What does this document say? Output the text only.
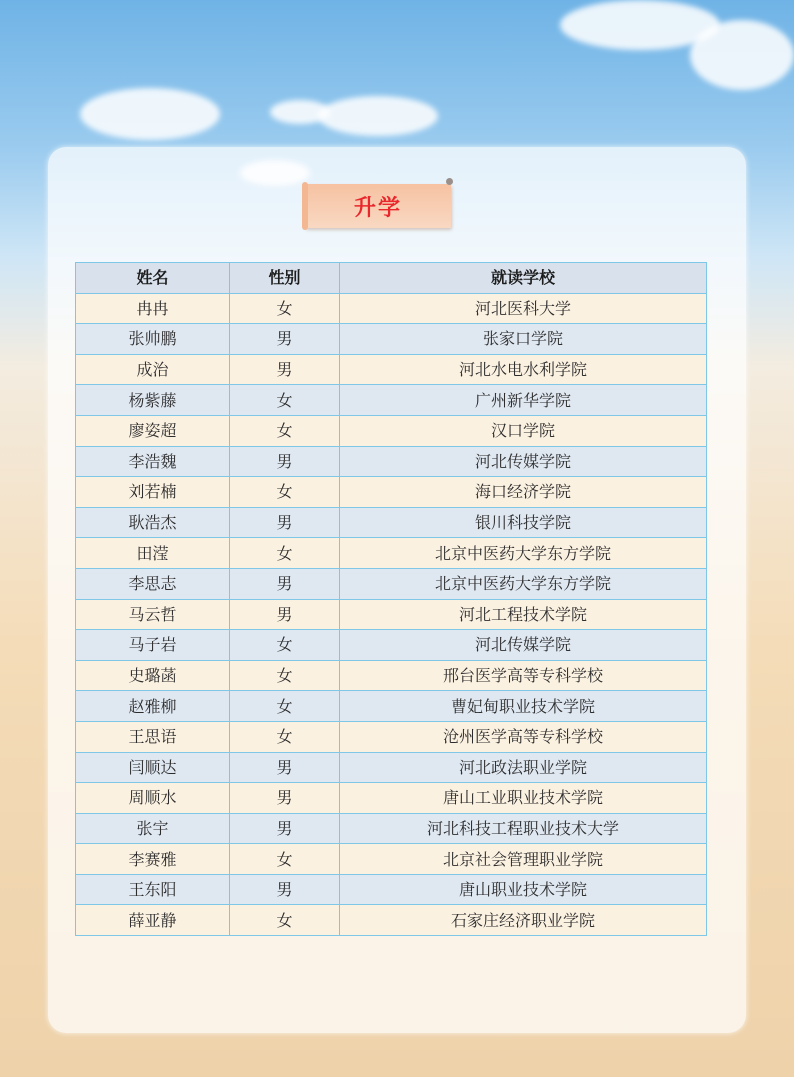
升学
姓名	性别	就读学校
冉冉	女	河北医科大学
张帅鹏	男	张家口学院
成治	男	河北水电水利学院
杨紫藤	女	广州新华学院
廖姿超	女	汉口学院
李浩魏	男	河北传媒学院
刘若楠	女	海口经济学院
耿浩杰	男	银川科技学院
田滢	女	北京中医药大学东方学院
李思志	男	北京中医药大学东方学院
马云哲	男	河北工程技术学院
马子岩	女	河北传媒学院
史璐菡	女	邢台医学高等专科学校
赵雅柳	女	曹妃甸职业技术学院
王思语	女	沧州医学高等专科学校
闫顺达	男	河北政法职业学院
周顺水	男	唐山工业职业技术学院
张宇	男	河北科技工程职业技术大学
李赛雅	女	北京社会管理职业学院
王东阳	男	唐山职业技术学院
薛亚静	女	石家庄经济职业学院
